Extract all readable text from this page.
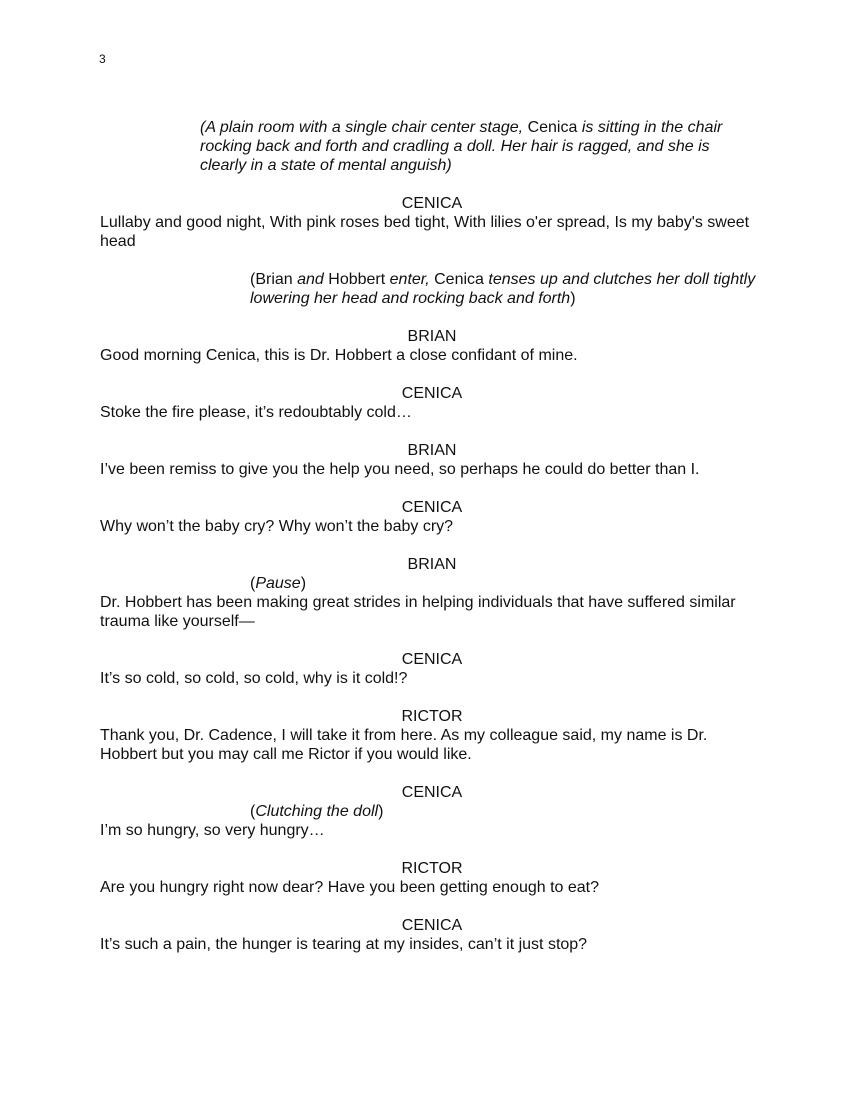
3

(A plain room with a single chair center stage, Cenica is sitting in the chair rocking back and forth and cradling a doll. Her hair is ragged, and she is clearly in a state of mental anguish)

CENICA
Lullaby and good night, With pink roses bed tight, With lilies o'er spread, Is my baby's sweet head

(Brian and Hobbert enter, Cenica tenses up and clutches her doll tightly lowering her head and rocking back and forth)

BRIAN
Good morning Cenica, this is Dr. Hobbert a close confidant of mine.
CENICA
Stoke the fire please, it’s redoubtably cold…
BRIAN
I’ve been remiss to give you the help you need, so perhaps he could do better than I.
CENICA
Why won’t the baby cry? Why won’t the baby cry?
BRIAN
(Pause)
Dr. Hobbert has been making great strides in helping individuals that have suffered similar trauma like yourself—
CENICA
It’s so cold, so cold, so cold, why is it cold!?
RICTOR
Thank you, Dr. Cadence, I will take it from here. As my colleague said, my name is Dr. Hobbert but you may call me Rictor if you would like.
CENICA
(Clutching the doll)
I’m so hungry, so very hungry…
RICTOR
Are you hungry right now dear? Have you been getting enough to eat?
CENICA
It’s such a pain, the hunger is tearing at my insides, can’t it just stop?
